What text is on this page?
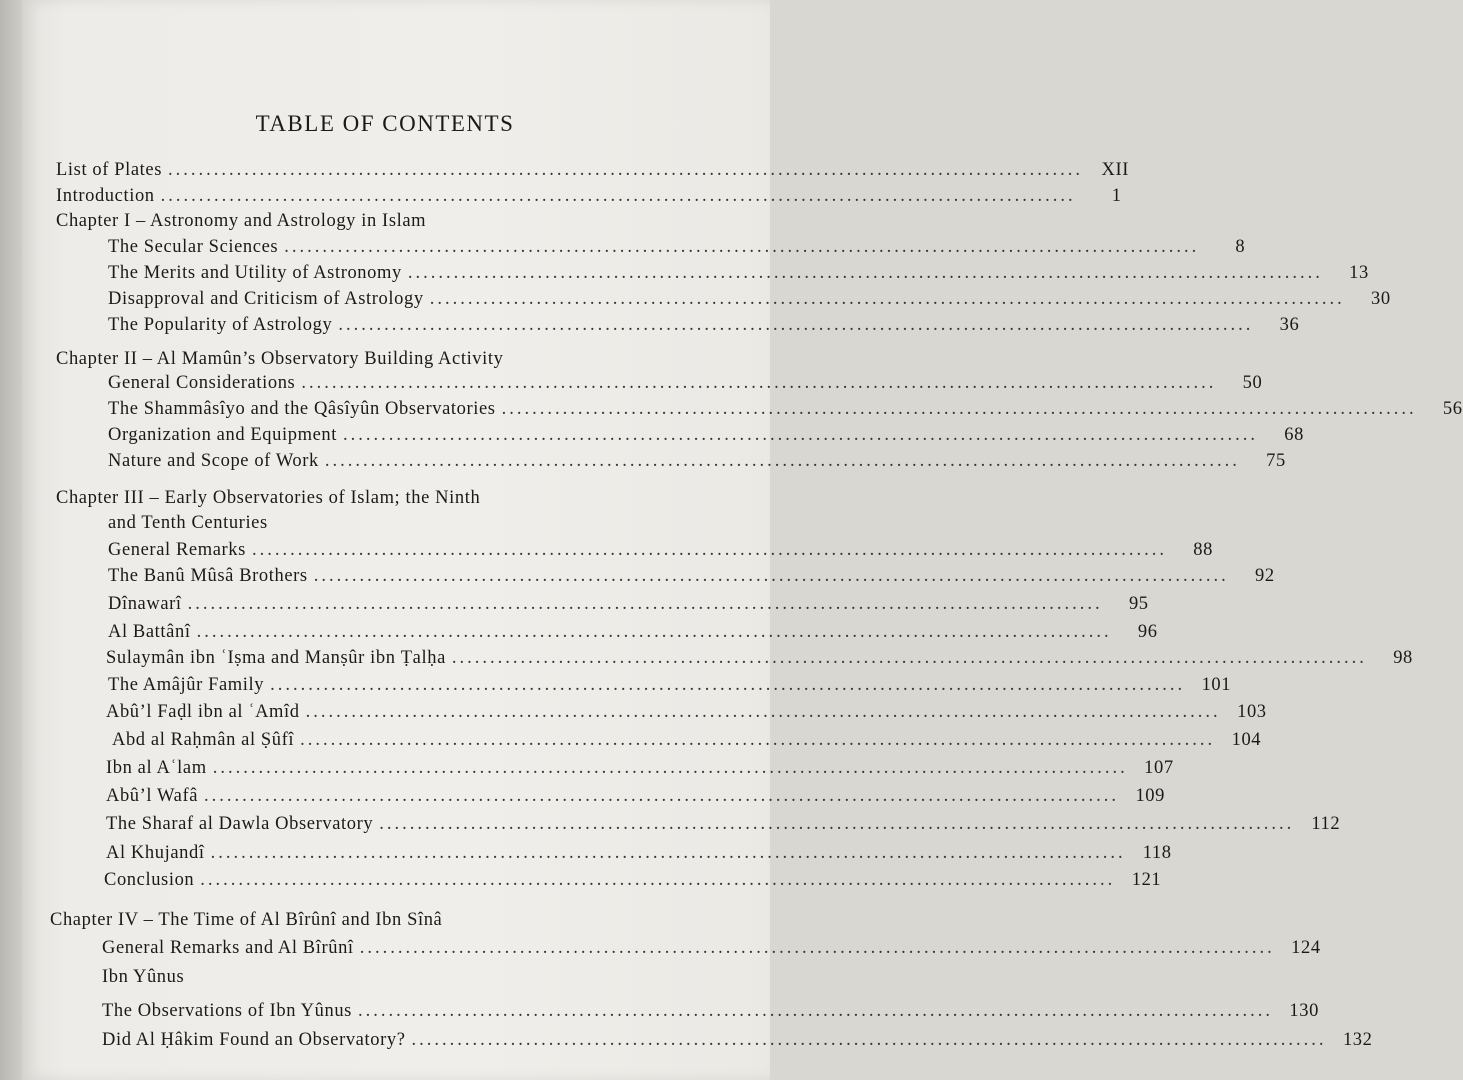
TABLE OF CONTENTS
List of Plates ........................................................................................................................	XII
Introduction ........................................................................................................................	1
Chapter I – Astronomy and Astrology in Islam
The Secular Sciences ........................................................................................................................	8
The Merits and Utility of Astronomy ........................................................................................................................	13
Disapproval and Criticism of Astrology ........................................................................................................................	30
The Popularity of Astrology ........................................................................................................................	36
Chapter II – Al Mamûn’s Observatory Building Activity
General Considerations ........................................................................................................................	50
The Shammâsîyo and the Qâsîyûn Observatories ........................................................................................................................	56
Organization and Equipment ........................................................................................................................	68
Nature and Scope of Work ........................................................................................................................	75
Chapter III – Early Observatories of Islam; the Ninth
and Tenth Centuries
General Remarks ........................................................................................................................	88
The Banû Mûsâ Brothers ........................................................................................................................	92
Dînawarî ........................................................................................................................	95
Al Battânî ........................................................................................................................	96
Sulaymân ibn ʿIṣma and Manṣûr ibn Ṭalḥa ........................................................................................................................	98
The Amâjûr Family ........................................................................................................................ 101
Abû’l Faḍl ibn al ʿAmîd ........................................................................................................................ 103
Abd al Raḥmân al Ṣûfî ........................................................................................................................ 104
Ibn al Aʿlam ........................................................................................................................ 107
Abû’l Wafâ ........................................................................................................................ 109
The Sharaf al Dawla Observatory ........................................................................................................................ 112
Al Khujandî ........................................................................................................................ 118
Conclusion ........................................................................................................................ 121
Chapter IV – The Time of Al Bîrûnî and Ibn Sînâ
General Remarks and Al Bîrûnî ........................................................................................................................ 124
Ibn Yûnus
The Observations of Ibn Yûnus ........................................................................................................................ 130
Did Al Ḥâkim Found an Observatory? ........................................................................................................................ 132
